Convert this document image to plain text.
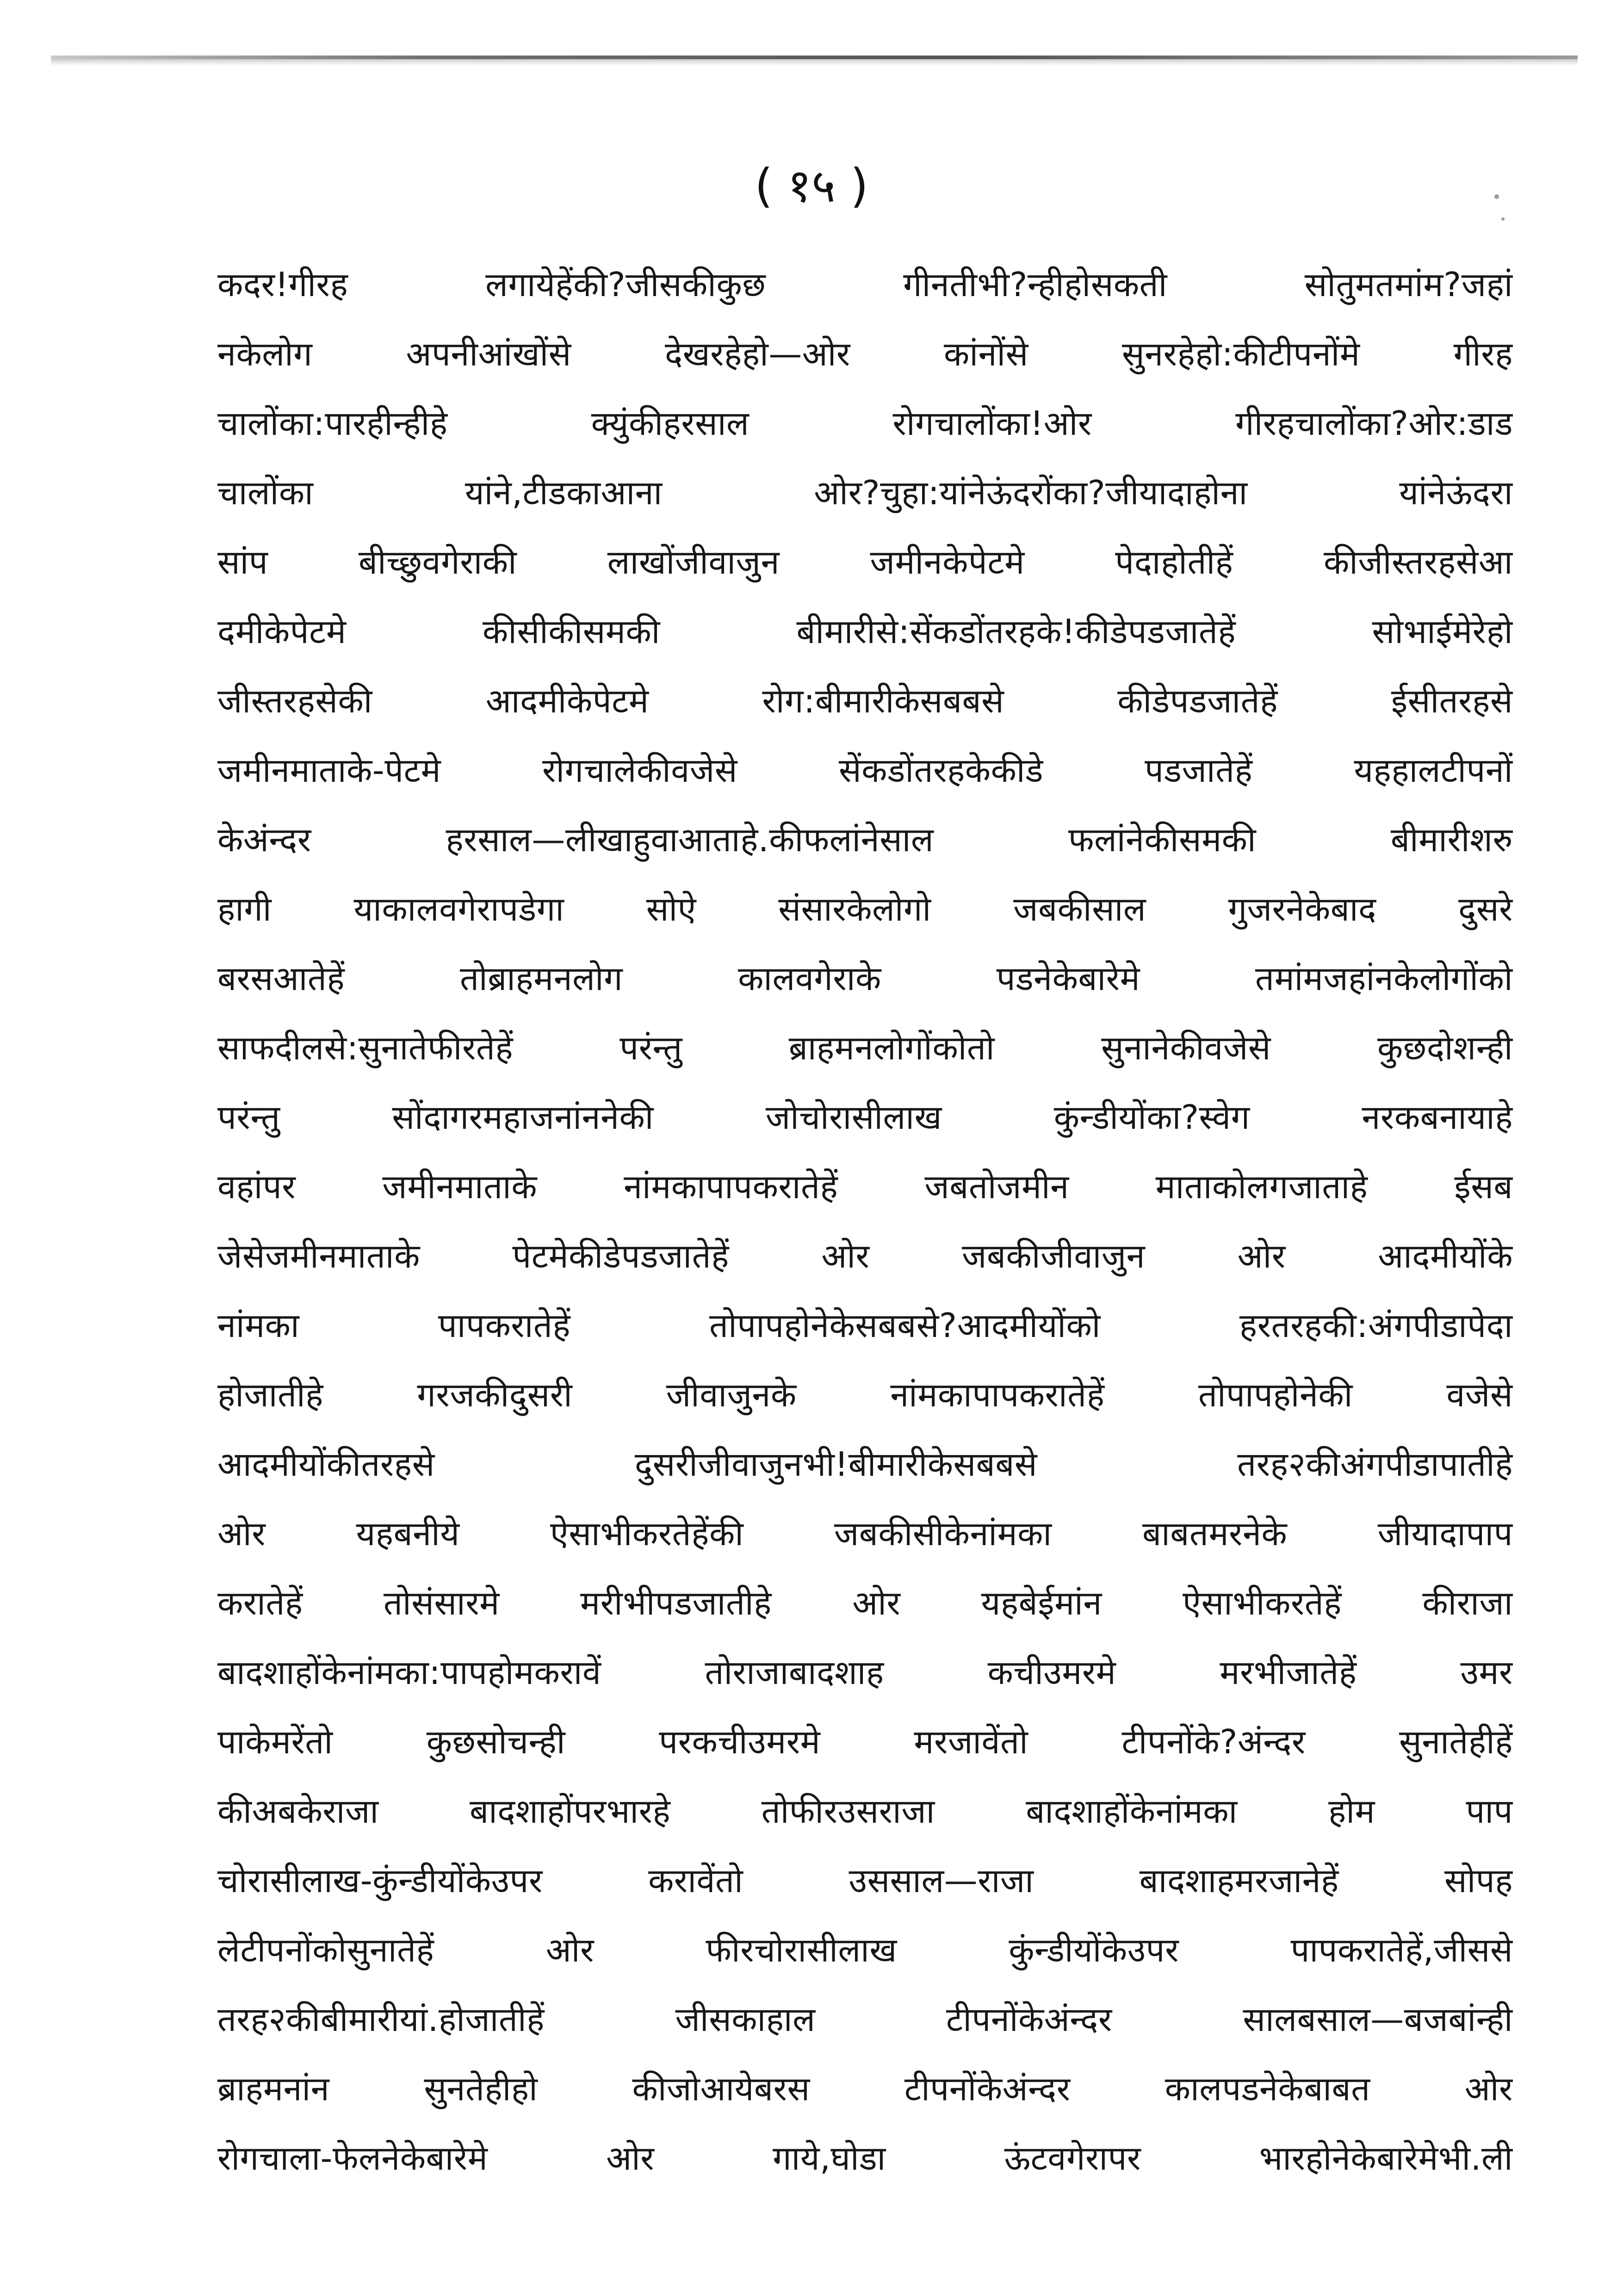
( १५ )
कदर!गीरह लगायेहेंकी?जीसकीकुछ गीनतीभी?न्हीहोसकती सोतुमतमांम?जहां
नकेलोग अपनीआंखोंसे देखरहेहो—ओर कांनोंसे सुनरहेहो:कीटीपनोंमे गीरह
चालोंका:पारहीन्हीहे क्युंकीहरसाल रोगचालोंका!ओर गीरहचालोंका?ओर:डाड
चालोंका यांने,टीडकाआना ओर?चुहा:यांनेऊंदरोंका?जीयादाहोना यांनेऊंदरा
सांप बीच्छुवगेराकी लाखोंजीवाजुन जमीनकेपेटमे पेदाहोतीहें कीजीस्तरहसेआ
दमीकेपेटमे कीसीकीसमकी बीमारीसे:सेंकडोंतरहके!कीडेपडजातेहें सोभाईमेरेहो
जीस्तरहसेकी आदमीकेपेटमे रोग:बीमारीकेसबबसे कीडेपडजातेहें ईसीतरहसे
जमीनमाताके-पेटमे रोगचालेकीवजेसे सेंकडोंतरहकेकीडे पडजातेहें यहहालटीपनों
केअंन्दर हरसाल—लीखाहुवाआताहे.कीफलांनेसाल फलांनेकीसमकी बीमारीशरु
हागी याकालवगेरापडेगा सोऐ संसारकेलोगो जबकीसाल गुजरनेकेबाद दुसरे
बरसआतेहें तोब्राहमनलोग कालवगेराके पडनेकेबारेमे तमांमजहांनकेलोगोंको
साफदीलसे:सुनातेफीरतेहें परंन्तु ब्राहमनलोगोंकोतो सुनानेकीवजेसे कुछदोशन्ही
परंन्तु सोंदागरमहाजनांननेकी जोचोरासीलाख कुंन्डीयोंका?स्वेग नरकबनायाहे
वहांपर जमीनमाताके नांमकापापकरातेहें जबतोजमीन माताकोलगजाताहे ईसब
जेसेजमीनमाताके पेटमेकीडेपडजातेहें ओर जबकीजीवाजुन ओर आदमीयोंके
नांमका पापकरातेहें तोपापहोनेकेसबबसे?आदमीयोंको हरतरहकी:अंगपीडापेदा
होजातीहे गरजकीदुसरी जीवाजुनके नांमकापापकरातेहें तोपापहोनेकी वजेसे
आदमीयोंकीतरहसे दुसरीजीवाजुनभी!बीमारीकेसबबसे तरह२कीअंगपीडापातीहे
ओर यहबनीये ऐसाभीकरतेहेंकी जबकीसीकेनांमका बाबतमरनेके जीयादापाप
करातेहें तोसंसारमे मरीभीपडजातीहे ओर यहबेईमांन ऐसाभीकरतेहें कीराजा
बादशाहोंकेनांमका:पापहोमकरावें तोराजाबादशाह कचीउमरमे मरभीजातेहें उमर
पाकेमरेंतो कुछसोचन्ही परकचीउमरमे मरजावेंतो टीपनोंके?अंन्दर सुनातेहीहें
कीअबकेराजा बादशाहोंपरभारहे तोफीरउसराजा बादशाहोंकेनांमका होम पाप
चोरासीलाख-कुंन्डीयोंकेउपर करावेंतो उससाल—राजा बादशाहमरजानेहें सोपह
लेटीपनोंकोसुनातेहें ओर फीरचोरासीलाख कुंन्डीयोंकेउपर पापकरातेहें,जीससे
तरह२कीबीमारीयां.होजातीहें जीसकाहाल टीपनोंकेअंन्दर सालबसाल—बजबांन्ही
ब्राहमनांन सुनतेहीहो कीजोआयेबरस टीपनोंकेअंन्दर कालपडनेकेबाबत ओर
रोगचाला-फेलनेकेबारेमे ओर गाये,घोडा ऊंटवगेरापर भारहोनेकेबारेमेभी.ली
